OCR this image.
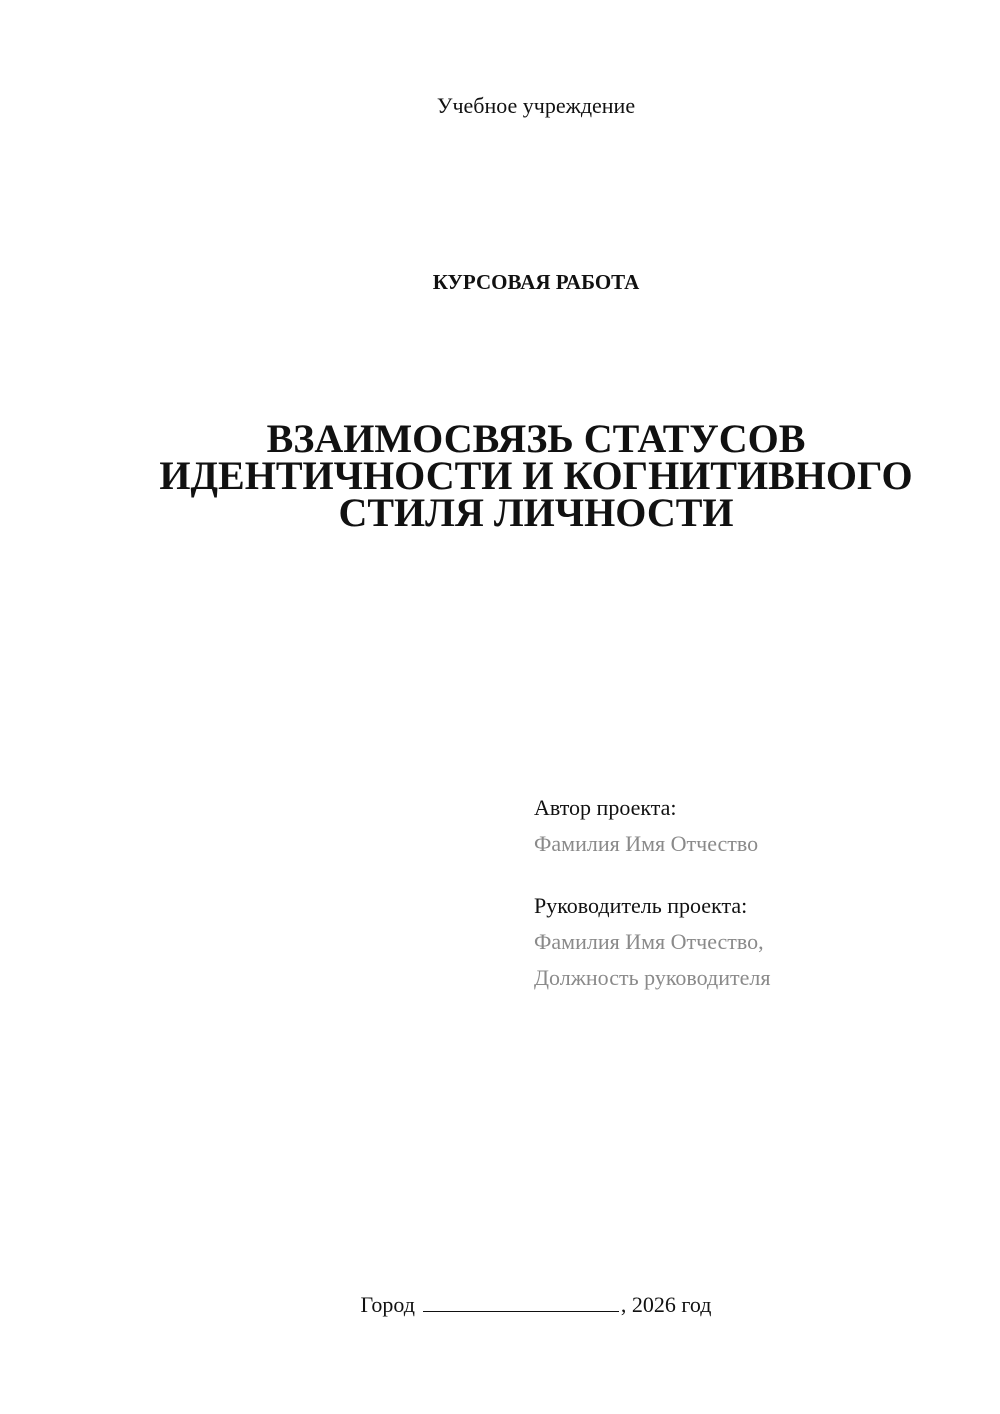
Учебное учреждение
КУРСОВАЯ РАБОТА
ВЗАИМОСВЯЗЬ СТАТУСОВ
ИДЕНТИЧНОСТИ И КОГНИТИВНОГО
СТИЛЯ ЛИЧНОСТИ
Автор проекта:
Фамилия Имя Отчество
Руководитель проекта:
Фамилия Имя Отчество,
Должность руководителя
Город	, 2026 год
